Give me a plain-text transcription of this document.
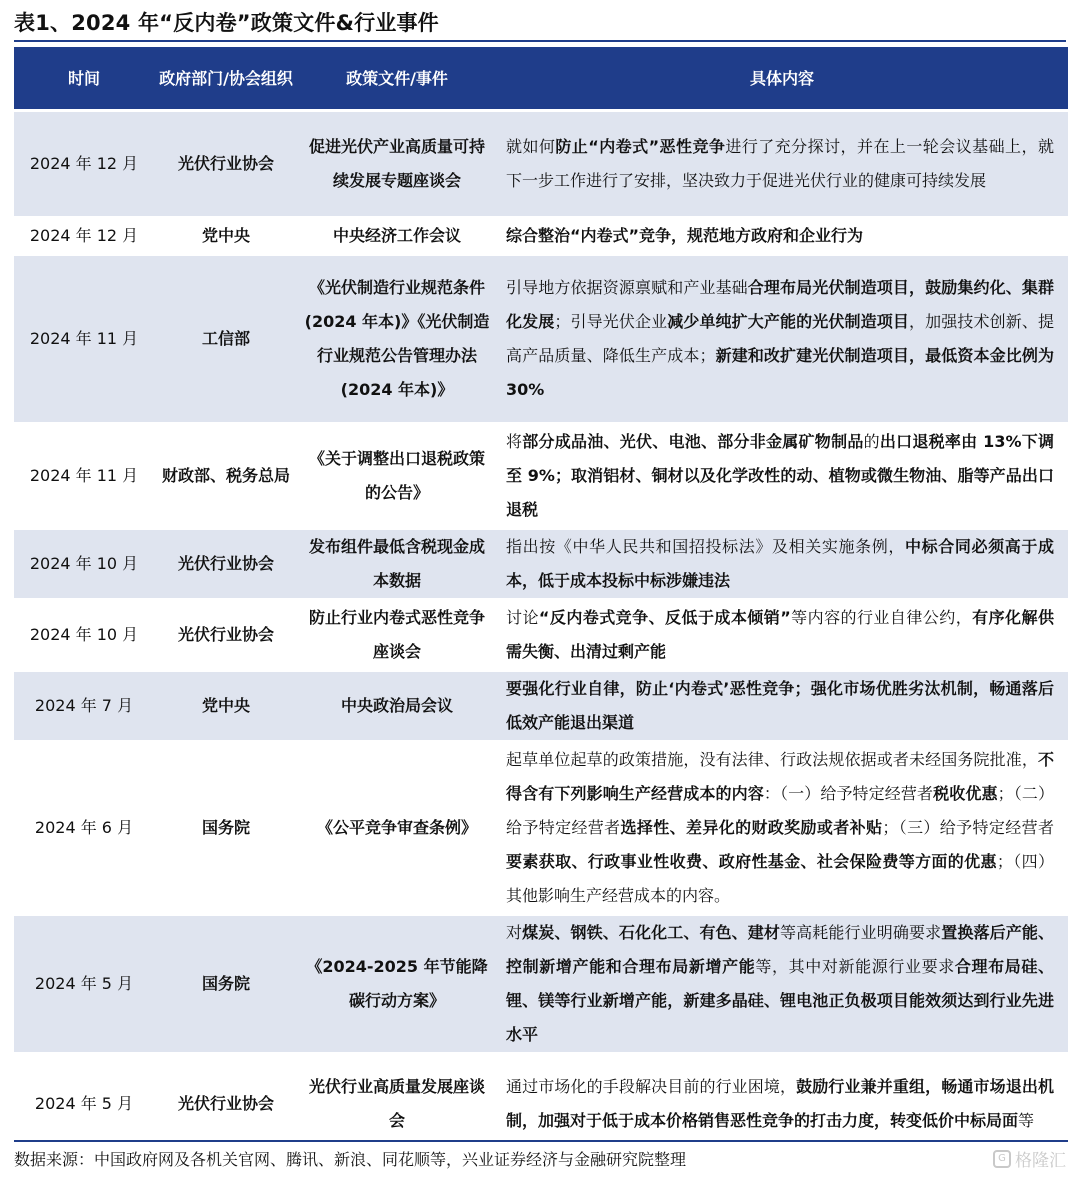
表1、2024 年“反内卷”政策文件&行业事件
时间	政府部门/协会组织	政策文件/事件	具体内容
2024 年 12 月	光伏行业协会	促进光伏产业高质量可持续发展专题座谈会	就如何防止“内卷式”恶性竞争进行了充分探讨，并在上一轮会议基础上，就下一步工作进行了安排，坚决致力于促进光伏行业的健康可持续发展
2024 年 12 月	党中央	中央经济工作会议	综合整治“内卷式”竞争，规范地方政府和企业行为
2024 年 11 月	工信部	《光伏制造行业规范条件(2024 年本)》《光伏制造行业规范公告管理办法(2024 年本)》	引导地方依据资源禀赋和产业基础合理布局光伏制造项目，鼓励集约化、集群化发展；引导光伏企业减少单纯扩大产能的光伏制造项目，加强技术创新、提高产品质量、降低生产成本；新建和改扩建光伏制造项目，最低资本金比例为 30%
2024 年 11 月	财政部、税务总局	《关于调整出口退税政策的公告》	将部分成品油、光伏、电池、部分非金属矿物制品的出口退税率由 13%下调至 9%；取消铝材、铜材以及化学改性的动、植物或微生物油、脂等产品出口退税
2024 年 10 月	光伏行业协会	发布组件最低含税现金成本数据	指出按《中华人民共和国招投标法》及相关实施条例，中标合同必须高于成本，低于成本投标中标涉嫌违法
2024 年 10 月	光伏行业协会	防止行业内卷式恶性竞争座谈会	讨论“反内卷式竞争、反低于成本倾销”等内容的行业自律公约，有序化解供需失衡、出清过剩产能
2024 年 7 月	党中央	中央政治局会议	要强化行业自律，防止‘内卷式’恶性竞争；强化市场优胜劣汰机制，畅通落后低效产能退出渠道
2024 年 6 月	国务院	《公平竞争审查条例》	起草单位起草的政策措施，没有法律、行政法规依据或者未经国务院批准，不得含有下列影响生产经营成本的内容：（一）给予特定经营者税收优惠；（二）给予特定经营者选择性、差异化的财政奖励或者补贴；（三）给予特定经营者要素获取、行政事业性收费、政府性基金、社会保险费等方面的优惠；（四）其他影响生产经营成本的内容。
2024 年 5 月	国务院	《2024-2025 年节能降碳行动方案》	对煤炭、钢铁、石化化工、有色、建材等高耗能行业明确要求置换落后产能、控制新增产能和合理布局新增产能等，其中对新能源行业要求合理布局硅、锂、镁等行业新增产能，新建多晶硅、锂电池正负极项目能效须达到行业先进水平
2024 年 5 月	光伏行业协会	光伏行业高质量发展座谈会	通过市场化的手段解决目前的行业困境，鼓励行业兼并重组，畅通市场退出机制，加强对于低于成本价格销售恶性竞争的打击力度，转变低价中标局面等
数据来源：中国政府网及各机关官网、腾讯、新浪、同花顺等，兴业证券经济与金融研究院整理	G 格隆汇
